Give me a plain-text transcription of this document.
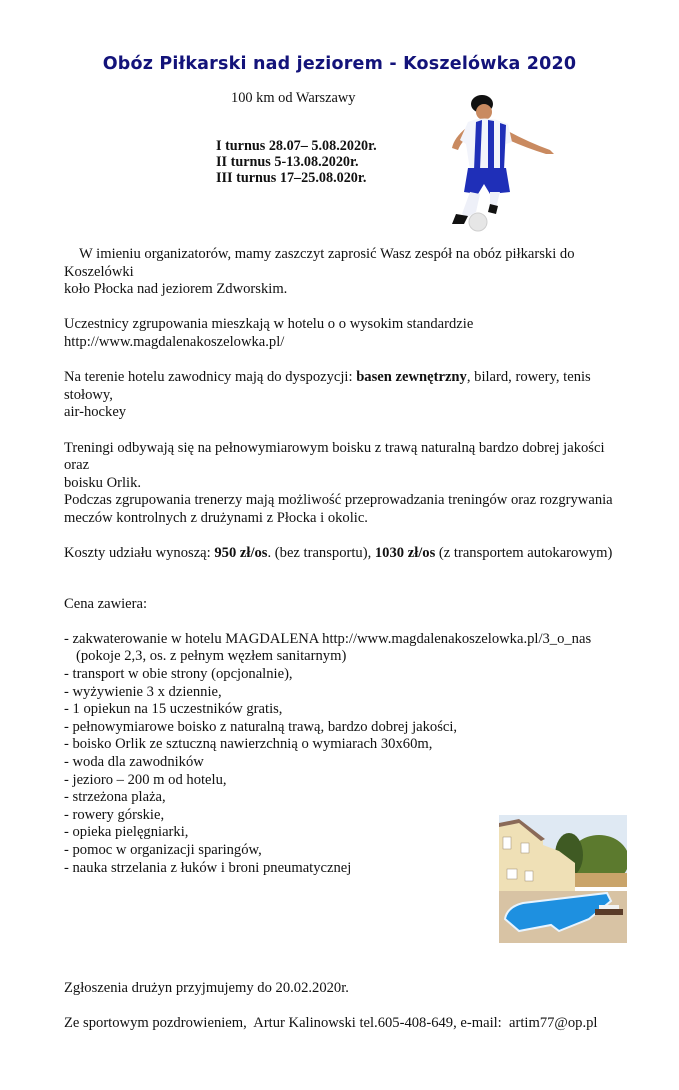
Obóz Piłkarski nad jeziorem - Koszelówka 2020
100 km od Warszawy
I turnus 28.07– 5.08.2020r.
II turnus 5-13.08.2020r.
III turnus 17–25.08.020r.

W imieniu organizatorów, mamy zaszczyt zaprosić Wasz zespół na obóz piłkarski do Koszelówki

koło Płocka nad jeziorem Zdworskim.

Uczestnicy zgrupowania mieszkają w hotelu o o wysokim standardzie

http://www.magdalenakoszelowka.pl/

Na terenie hotelu zawodnicy mają do dyspozycji: basen zewnętrzny, bilard, rowery, tenis stołowy,

air-hockey

Treningi odbywają się na pełnowymiarowym boisku z trawą naturalną bardzo dobrej jakości oraz

boisku Orlik.

Podczas zgrupowania trenerzy mają możliwość przeprowadzania treningów oraz rozgrywania

meczów kontrolnych z drużynami z Płocka i okolic.

Koszty udziału wynoszą: 950 zł/os. (bez transportu), 1030 zł/os (z transportem autokarowym)

Cena zawiera:

- zakwaterowanie w hotelu MAGDALENA http://www.magdalenakoszelowka.pl/3_o_nas (pokoje 2,3, os. z pełnym węzłem sanitarnym)
- transport w obie strony (opcjonalnie),
- wyżywienie 3 x dziennie,
- 1 opiekun na 15 uczestników gratis,
- pełnowymiarowe boisko z naturalną trawą, bardzo dobrej jakości,
- boisko Orlik ze sztuczną nawierzchnią o wymiarach 30x60m,
- woda dla zawodników
- jezioro – 200 m od hotelu,
- strzeżona plaża,
- rowery górskie,
- opieka pielęgniarki,
- pomoc w organizacji sparingów,
- nauka strzelania z łuków i broni pneumatycznej

Zgłoszenia drużyn przyjmujemy do 20.02.2020r.

Ze sportowym pozdrowieniem,  Artur Kalinowski tel.605-408-649, e-mail:  artim77@op.pl
